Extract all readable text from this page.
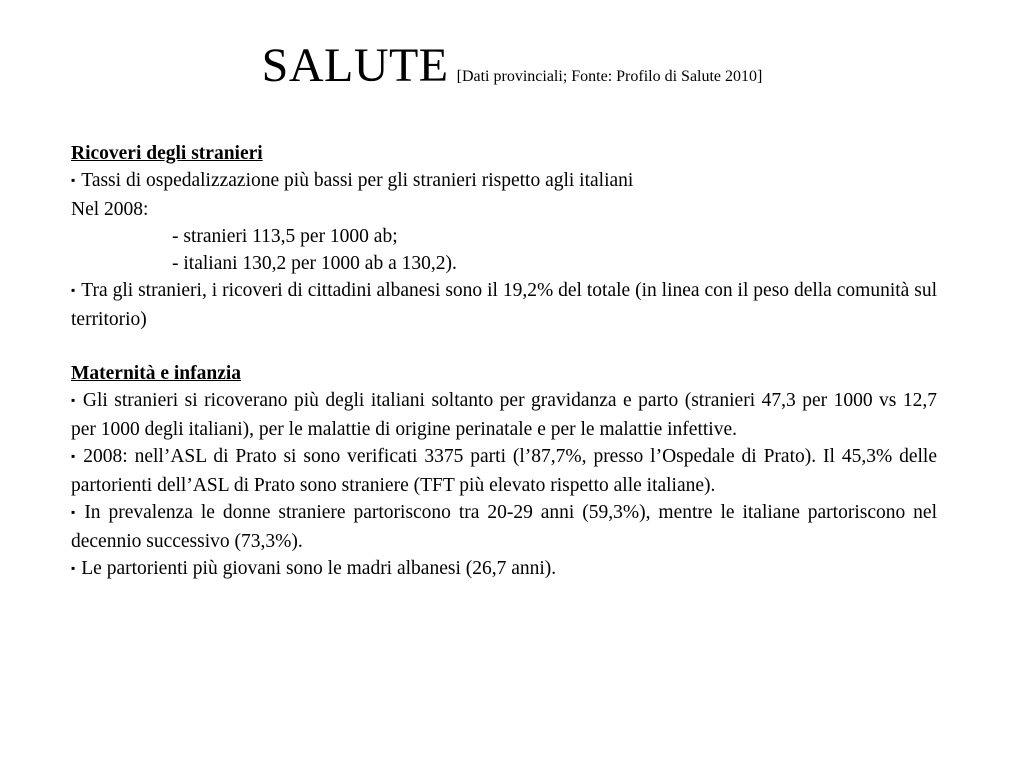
SALUTE [Dati provinciali; Fonte: Profilo di Salute 2010]
Ricoveri degli stranieri
▪ Tassi di ospedalizzazione più bassi per gli stranieri rispetto agli italiani
Nel 2008:
- stranieri 113,5 per 1000 ab;
- italiani 130,2 per 1000 ab a 130,2).
▪ Tra gli stranieri, i ricoveri di cittadini albanesi sono il 19,2% del totale (in linea con il peso della comunità sul territorio)
Maternità e infanzia
▪ Gli stranieri si ricoverano più degli italiani soltanto per gravidanza e parto (stranieri 47,3 per 1000 vs 12,7 per 1000 degli italiani), per le malattie di origine perinatale e per le malattie infettive.
▪ 2008: nell’ASL di Prato si sono verificati 3375 parti (l’87,7%, presso l’Ospedale di Prato). Il 45,3% delle partorienti dell’ASL di Prato sono straniere (TFT più elevato rispetto alle italiane).
▪ In prevalenza le donne straniere partoriscono tra 20-29 anni (59,3%), mentre le italiane partoriscono nel decennio successivo (73,3%).
▪ Le partorienti più giovani sono le madri albanesi (26,7 anni).
